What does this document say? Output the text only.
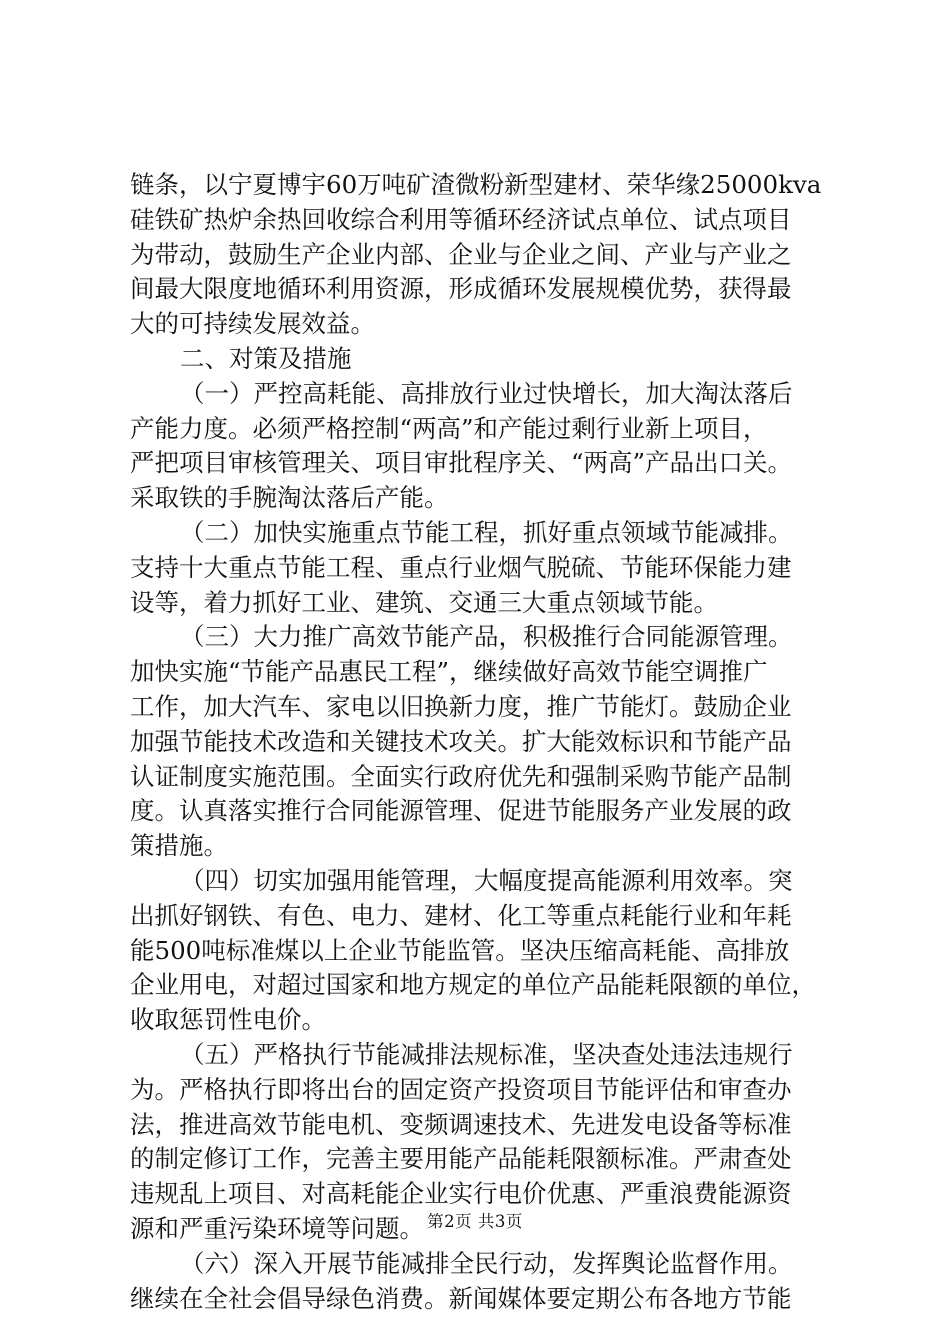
链条，以宁夏博宇60万吨矿渣微粉新型建材、荣华缘25000kva
硅铁矿热炉余热回收综合利用等循环经济试点单位、试点项目
为带动，鼓励生产企业内部、企业与企业之间、产业与产业之
间最大限度地循环利用资源，形成循环发展规模优势，获得最
大的可持续发展效益。
二、对策及措施
（一）严控高耗能、高排放行业过快增长，加大淘汰落后
产能力度。必须严格控制“两高”和产能过剩行业新上项目，
严把项目审核管理关、项目审批程序关、“两高”产品出口关。
采取铁的手腕淘汰落后产能。
（二）加快实施重点节能工程，抓好重点领域节能减排。
支持十大重点节能工程、重点行业烟气脱硫、节能环保能力建
设等，着力抓好工业、建筑、交通三大重点领域节能。
（三）大力推广高效节能产品，积极推行合同能源管理。
加快实施“节能产品惠民工程”，继续做好高效节能空调推广
工作，加大汽车、家电以旧换新力度，推广节能灯。鼓励企业
加强节能技术改造和关键技术攻关。扩大能效标识和节能产品
认证制度实施范围。全面实行政府优先和强制采购节能产品制
度。认真落实推行合同能源管理、促进节能服务产业发展的政
策措施。
（四）切实加强用能管理，大幅度提高能源利用效率。突
出抓好钢铁、有色、电力、建材、化工等重点耗能行业和年耗
能500吨标准煤以上企业节能监管。坚决压缩高耗能、高排放
企业用电，对超过国家和地方规定的单位产品能耗限额的单位，
收取惩罚性电价。
（五）严格执行节能减排法规标准，坚决查处违法违规行
为。严格执行即将出台的固定资产投资项目节能评估和审查办
法，推进高效节能电机、变频调速技术、先进发电设备等标准
的制定修订工作，完善主要用能产品能耗限额标准。严肃查处
违规乱上项目、对高耗能企业实行电价优惠、严重浪费能源资
源和严重污染环境等问题。
（六）深入开展节能减排全民行动，发挥舆论监督作用。
继续在全社会倡导绿色消费。新闻媒体要定期公布各地方节能
第2页 共3页
